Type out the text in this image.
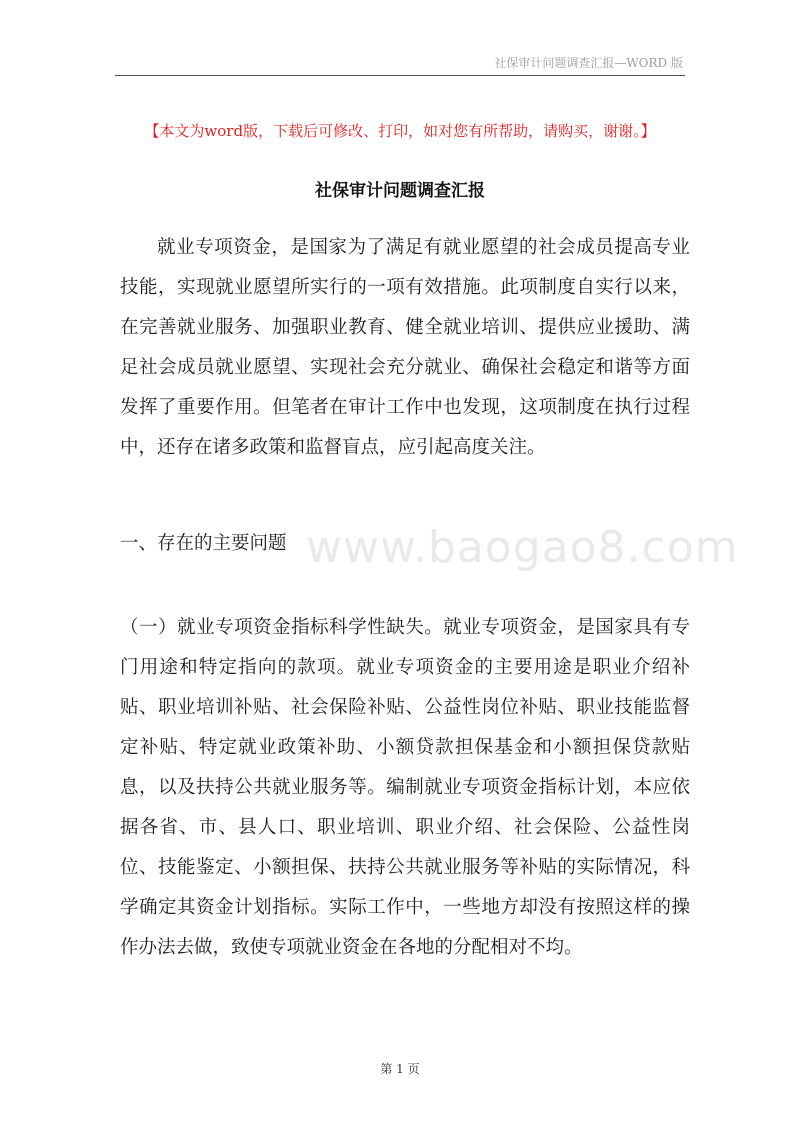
社保审计问题调查汇报—WORD 版
【本文为word版，下载后可修改、打印，如对您有所帮助，请购买，谢谢。】
社保审计问题调查汇报

就业专项资金，是国家为了满足有就业愿望的社会成员提高专业技能，实现就业愿望所实行的一项有效措施。此项制度自实行以来，在完善就业服务、加强职业教育、健全就业培训、提供应业援助、满足社会成员就业愿望、实现社会充分就业、确保社会稳定和谐等方面发挥了重要作用。但笔者在审计工作中也发现，这项制度在执行过程中，还存在诸多政策和监督盲点，应引起高度关注。

www.baogao8.com

一、存在的主要问题

（一）就业专项资金指标科学性缺失。就业专项资金，是国家具有专门用途和特定指向的款项。就业专项资金的主要用途是职业介绍补贴、职业培训补贴、社会保险补贴、公益性岗位补贴、职业技能监督定补贴、特定就业政策补助、小额贷款担保基金和小额担保贷款贴息，以及扶持公共就业服务等。编制就业专项资金指标计划，本应依据各省、市、县人口、职业培训、职业介绍、社会保险、公益性岗位、技能鉴定、小额担保、扶持公共就业服务等补贴的实际情况，科学确定其资金计划指标。实际工作中，一些地方却没有按照这样的操作办法去做，致使专项就业资金在各地的分配相对不均。

第 1 页
